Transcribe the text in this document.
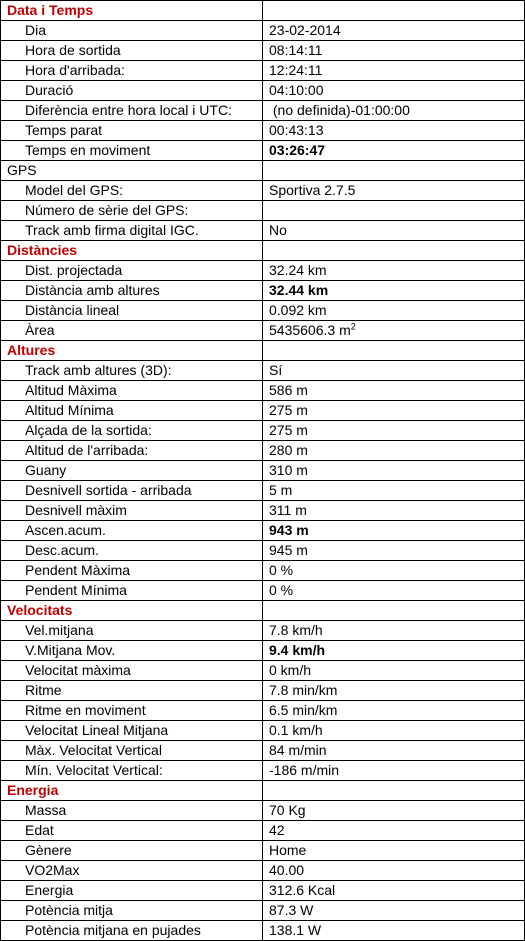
Data i Temps	
Dia	23-02-2014
Hora de sortida	08:14:11
Hora d'arribada:	12:24:11
Duració	04:10:00
Diferència entre hora local i UTC:	(no definida)-01:00:00
Temps parat	00:43:13
Temps en moviment	03:26:47
GPS	
Model del GPS:	Sportiva 2.7.5
Número de sèrie del GPS:	
Track amb firma digital IGC.	No
Distàncies	
Dist. projectada	32.24 km
Distància amb altures	32.44 km
Distància lineal	0.092 km
Àrea	5435606.3 $m^2$
Altures	
Track amb altures (3D):	Sí
Altitud Màxima	586 m
Altitud Mínima	275 m
Alçada de la sortida:	275 m
Altitud de l'arribada:	280 m
Guany	310 m
Desnivell sortida - arribada	5 m
Desnivell màxim	311 m
Ascen.acum.	943 m
Desc.acum.	945 m
Pendent Màxima	0 %
Pendent Mínima	0 %
Velocitats	
Vel.mitjana	7.8 km/h
V.Mitjana Mov.	9.4 km/h
Velocitat màxima	0 km/h
Ritme	7.8 min/km
Ritme en moviment	6.5 min/km
Velocitat Lineal Mitjana	0.1 km/h
Màx. Velocitat Vertical	84 m/min
Mín. Velocitat Vertical:	-186 m/min
Energia	
Massa	70 Kg
Edat	42
Gènere	Home
VO2Max	40.00
Energia	312.6 Kcal
Potència mitja	87.3 W
Potència mitjana en pujades	138.1 W
